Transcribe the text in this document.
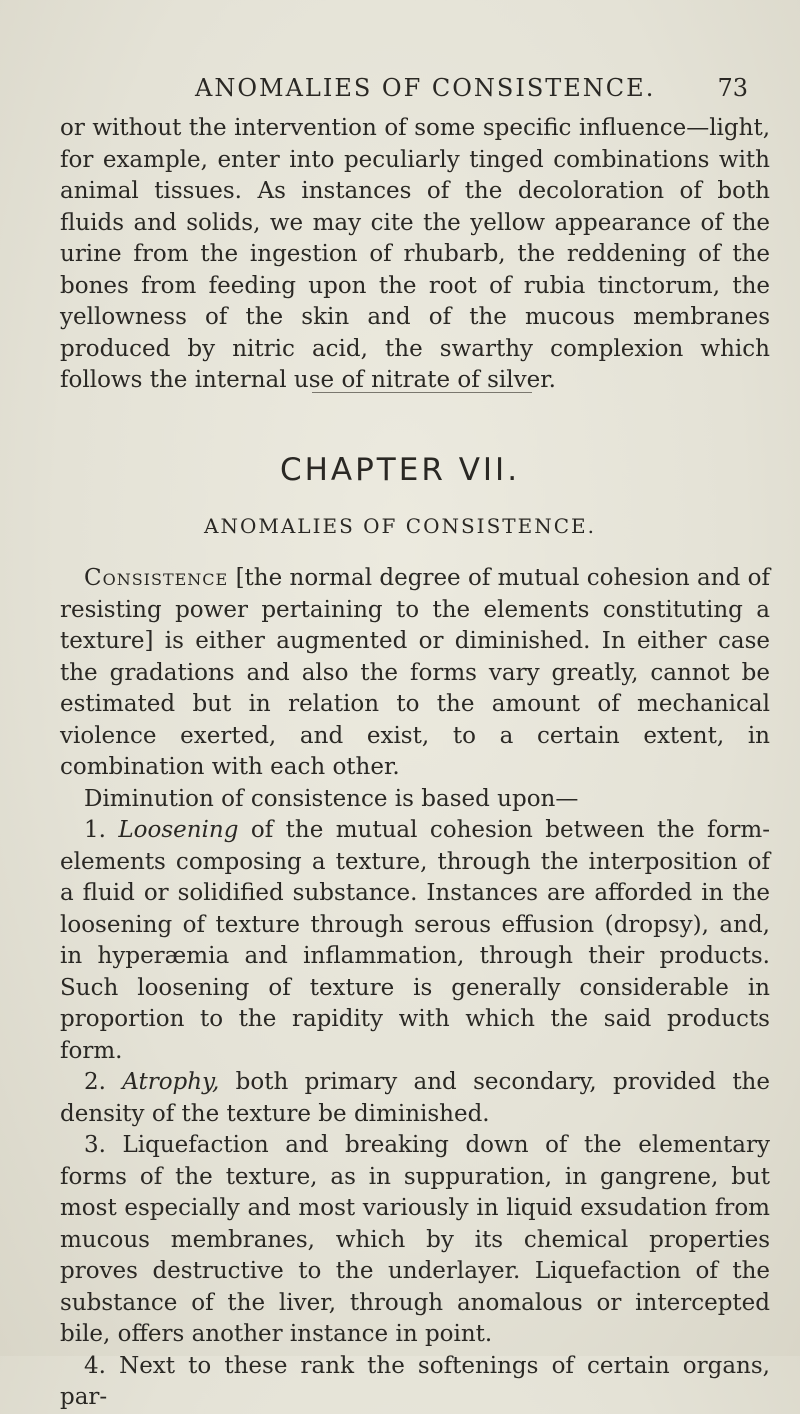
ANOMALIES OF CONSISTENCE.	73

or without the intervention of some specific influence—light, for example, enter into peculiarly tinged combinations with animal tissues. As instances of the decoloration of both fluids and solids, we may cite the yellow appearance of the urine from the ingestion of rhubarb, the reddening of the bones from feeding upon the root of rubia tinctorum, the yellowness of the skin and of the mucous membranes produced by nitric acid, the swarthy complexion which follows the internal use of nitrate of silver.

CHAPTER VII.
ANOMALIES OF CONSISTENCE.

Consistence [the normal degree of mutual cohesion and of resisting power pertaining to the elements constituting a texture] is either augmented or diminished. In either case the gradations and also the forms vary greatly, cannot be estimated but in relation to the amount of mechanical violence exerted, and exist, to a certain extent, in combination with each other.

Diminution of consistence is based upon—

1. Loosening of the mutual cohesion between the form-elements composing a texture, through the interposition of a fluid or solidified substance. Instances are afforded in the loosening of texture through serous effusion (dropsy), and, in hyperæmia and inflammation, through their products. Such loosening of texture is generally considerable in proportion to the rapidity with which the said products form.

2. Atrophy, both primary and secondary, provided the density of the texture be diminished.

3. Liquefaction and breaking down of the elementary forms of the texture, as in suppuration, in gangrene, but most especially and most variously in liquid exsudation from mucous membranes, which by its chemical properties proves destructive to the underlayer. Liquefaction of the substance of the liver, through anomalous or intercepted bile, offers another instance in point.

4. Next to these rank the softenings of certain organs, par-
